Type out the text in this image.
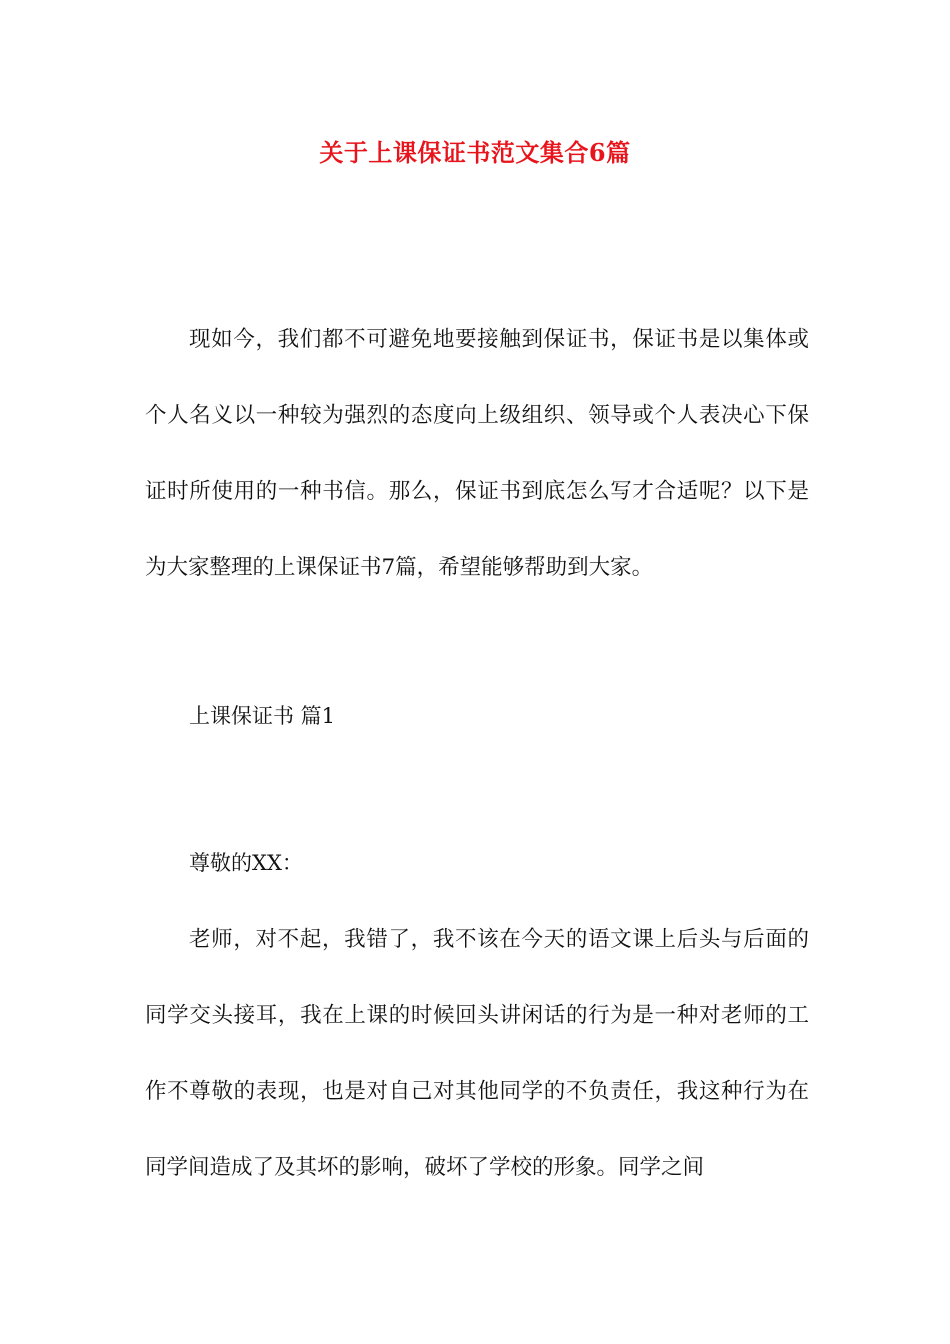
关于上课保证书范文集合6篇

现如今，我们都不可避免地要接触到保证书，保证书是以集体或个人名义以一种较为强烈的态度向上级组织、领导或个人表决心下保证时所使用的一种书信。那么，保证书到底怎么写才合适呢？以下是为大家整理的上课保证书7篇，希望能够帮助到大家。

上课保证书 篇1
尊敬的XX：

老师，对不起，我错了，我不该在今天的语文课上后头与后面的同学交头接耳，我在上课的时候回头讲闲话的行为是一种对老师的工作不尊敬的表现，也是对自己对其他同学的不负责任，我这种行为在同学间造成了及其坏的影响，破坏了学校的形象。同学之间
